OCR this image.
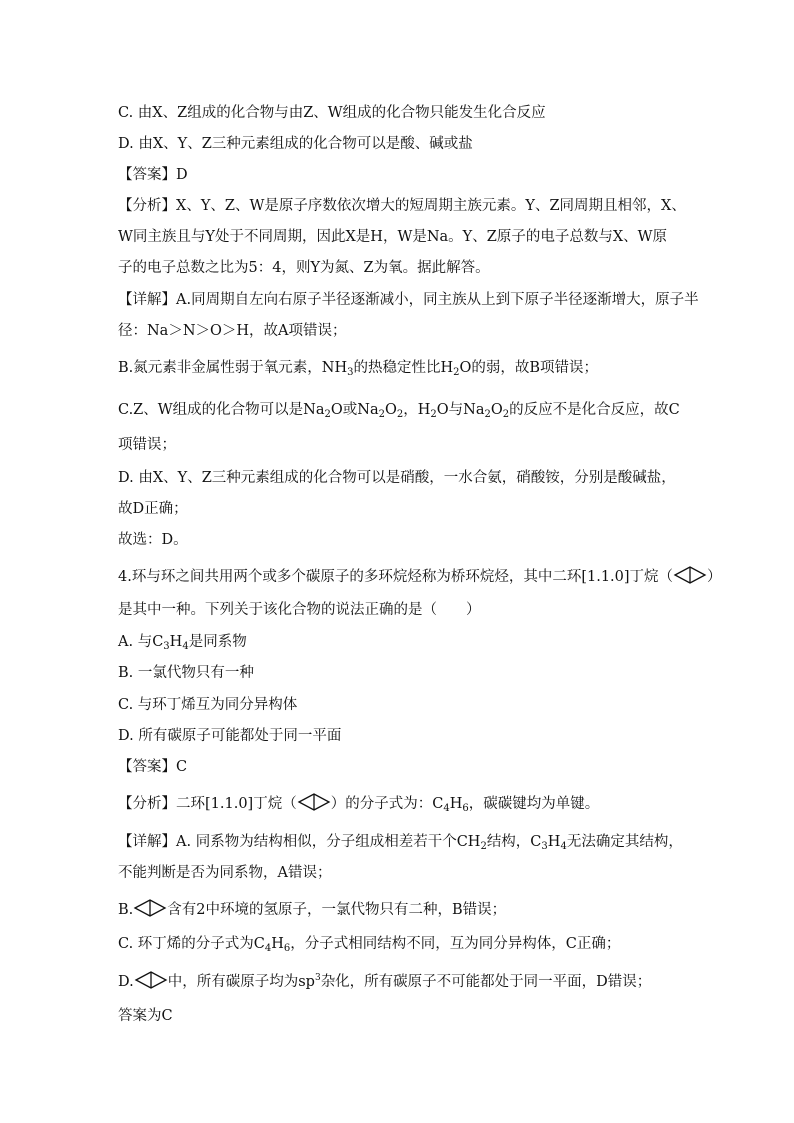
C. 由X、Z组成的化合物与由Z、W组成的化合物只能发生化合反应
D. 由X、Y、Z三种元素组成的化合物可以是酸、碱或盐
【答案】D
【分析】X、Y、Z、W是原子序数依次增大的短周期主族元素。Y、Z同周期且相邻，X、
W同主族且与Y处于不同周期，因此X是H，W是Na。Y、Z原子的电子总数与X、W原
子的电子总数之比为5：4，则Y为氮、Z为氧。据此解答。
【详解】A.同周期自左向右原子半径逐渐减小，同主族从上到下原子半径逐渐增大，原子半
径：Na＞N＞O＞H，故A项错误；
B.氮元素非金属性弱于氧元素，$NH_3$的热稳定性比$H_2O$的弱，故B项错误；
C.Z、W组成的化合物可以是$Na_2O$或$Na_2O_2$，$H_2O$与$Na_2O_2$的反应不是化合反应，故C
项错误；
D. 由X、Y、Z三种元素组成的化合物可以是硝酸，一水合氨，硝酸铵，分别是酸碱盐，
故D正确；
故选：D。
4.环与环之间共用两个或多个碳原子的多环烷烃称为桥环烷烃，其中二环[1.1.0]丁烷（ ）
是其中一种。下列关于该化合物的说法正确的是（　　）
A. 与$C_3H_4$是同系物
B. 一氯代物只有一种
C. 与环丁烯互为同分异构体
D. 所有碳原子可能都处于同一平面
【答案】C
【分析】二环[1.1.0]丁烷（ ）的分子式为：$C_4H_6$，碳碳键均为单键。
【详解】A. 同系物为结构相似，分子组成相差若干个$CH_2$结构，$C_3H_4$无法确定其结构，
不能判断是否为同系物，A错误；
B. 含有2中环境的氢原子，一氯代物只有二种，B错误；
C. 环丁烯的分子式为$C_4H_6$，分子式相同结构不同，互为同分异构体，C正确；
D. 中，所有碳原子均为$sp^3$杂化，所有碳原子不可能都处于同一平面，D错误；
答案为C
